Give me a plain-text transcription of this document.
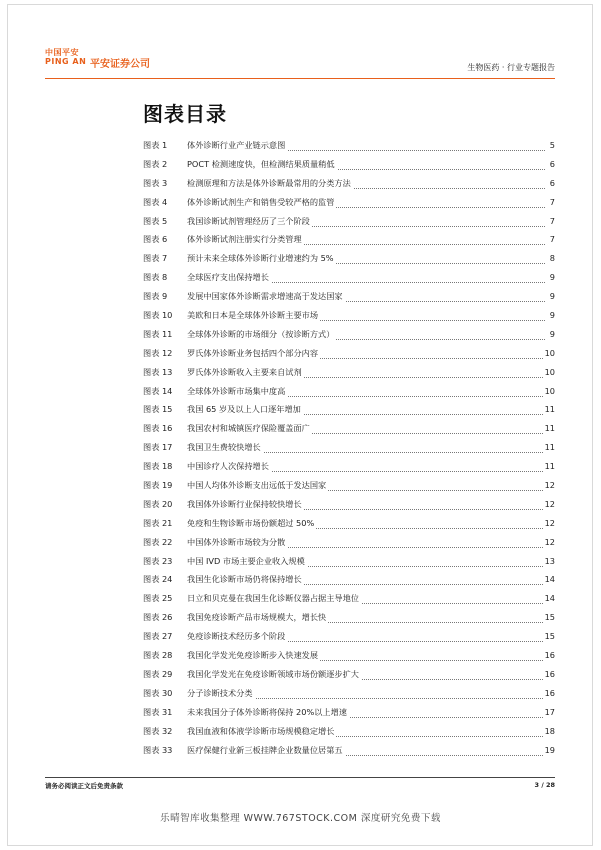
中国平安
PING AN 平安证券公司	生物医药 · 行业专题报告
图表目录
图表 1	体外诊断行业产业链示意图	5
图表 2	POCT 检测速度快，但检测结果质量稍低	6
图表 3	检测原理和方法是体外诊断最常用的分类方法	6
图表 4	体外诊断试剂生产和销售受较严格的监管	7
图表 5	我国诊断试剂管理经历了三个阶段	7
图表 6	体外诊断试剂注册实行分类管理	7
图表 7	预计未来全球体外诊断行业增速约为 5%	8
图表 8	全球医疗支出保持增长	9
图表 9	发展中国家体外诊断需求增速高于发达国家	9
图表 10	美欧和日本是全球体外诊断主要市场	9
图表 11	全球体外诊断的市场细分（按诊断方式）	9
图表 12	罗氏体外诊断业务包括四个部分内容	10
图表 13	罗氏体外诊断收入主要来自试剂	10
图表 14	全球体外诊断市场集中度高	10
图表 15	我国 65 岁及以上人口逐年增加	11
图表 16	我国农村和城镇医疗保险覆盖面广	11
图表 17	我国卫生费较快增长	11
图表 18	中国诊疗人次保持增长	11
图表 19	中国人均体外诊断支出远低于发达国家	12
图表 20	我国体外诊断行业保持较快增长	12
图表 21	免疫和生物诊断市场份额超过 50%	12
图表 22	中国体外诊断市场较为分散	12
图表 23	中国 IVD 市场主要企业收入规模	13
图表 24	我国生化诊断市场仍将保持增长	14
图表 25	日立和贝克曼在我国生化诊断仪器占据主导地位	14
图表 26	我国免疫诊断产品市场规模大，增长快	15
图表 27	免疫诊断技术经历多个阶段	15
图表 28	我国化学发光免疫诊断步入快速发展	16
图表 29	我国化学发光在免疫诊断领域市场份额逐步扩大	16
图表 30	分子诊断技术分类	16
图表 31	未来我国分子体外诊断将保持 20%以上增速	17
图表 32	我国血液和体液学诊断市场规模稳定增长	18
图表 33	医疗保健行业新三板挂牌企业数量位居第五	19
请务必阅读正文后免责条款	3 / 28
乐晴智库收集整理 WWW.767STOCK.COM 深度研究免费下载
